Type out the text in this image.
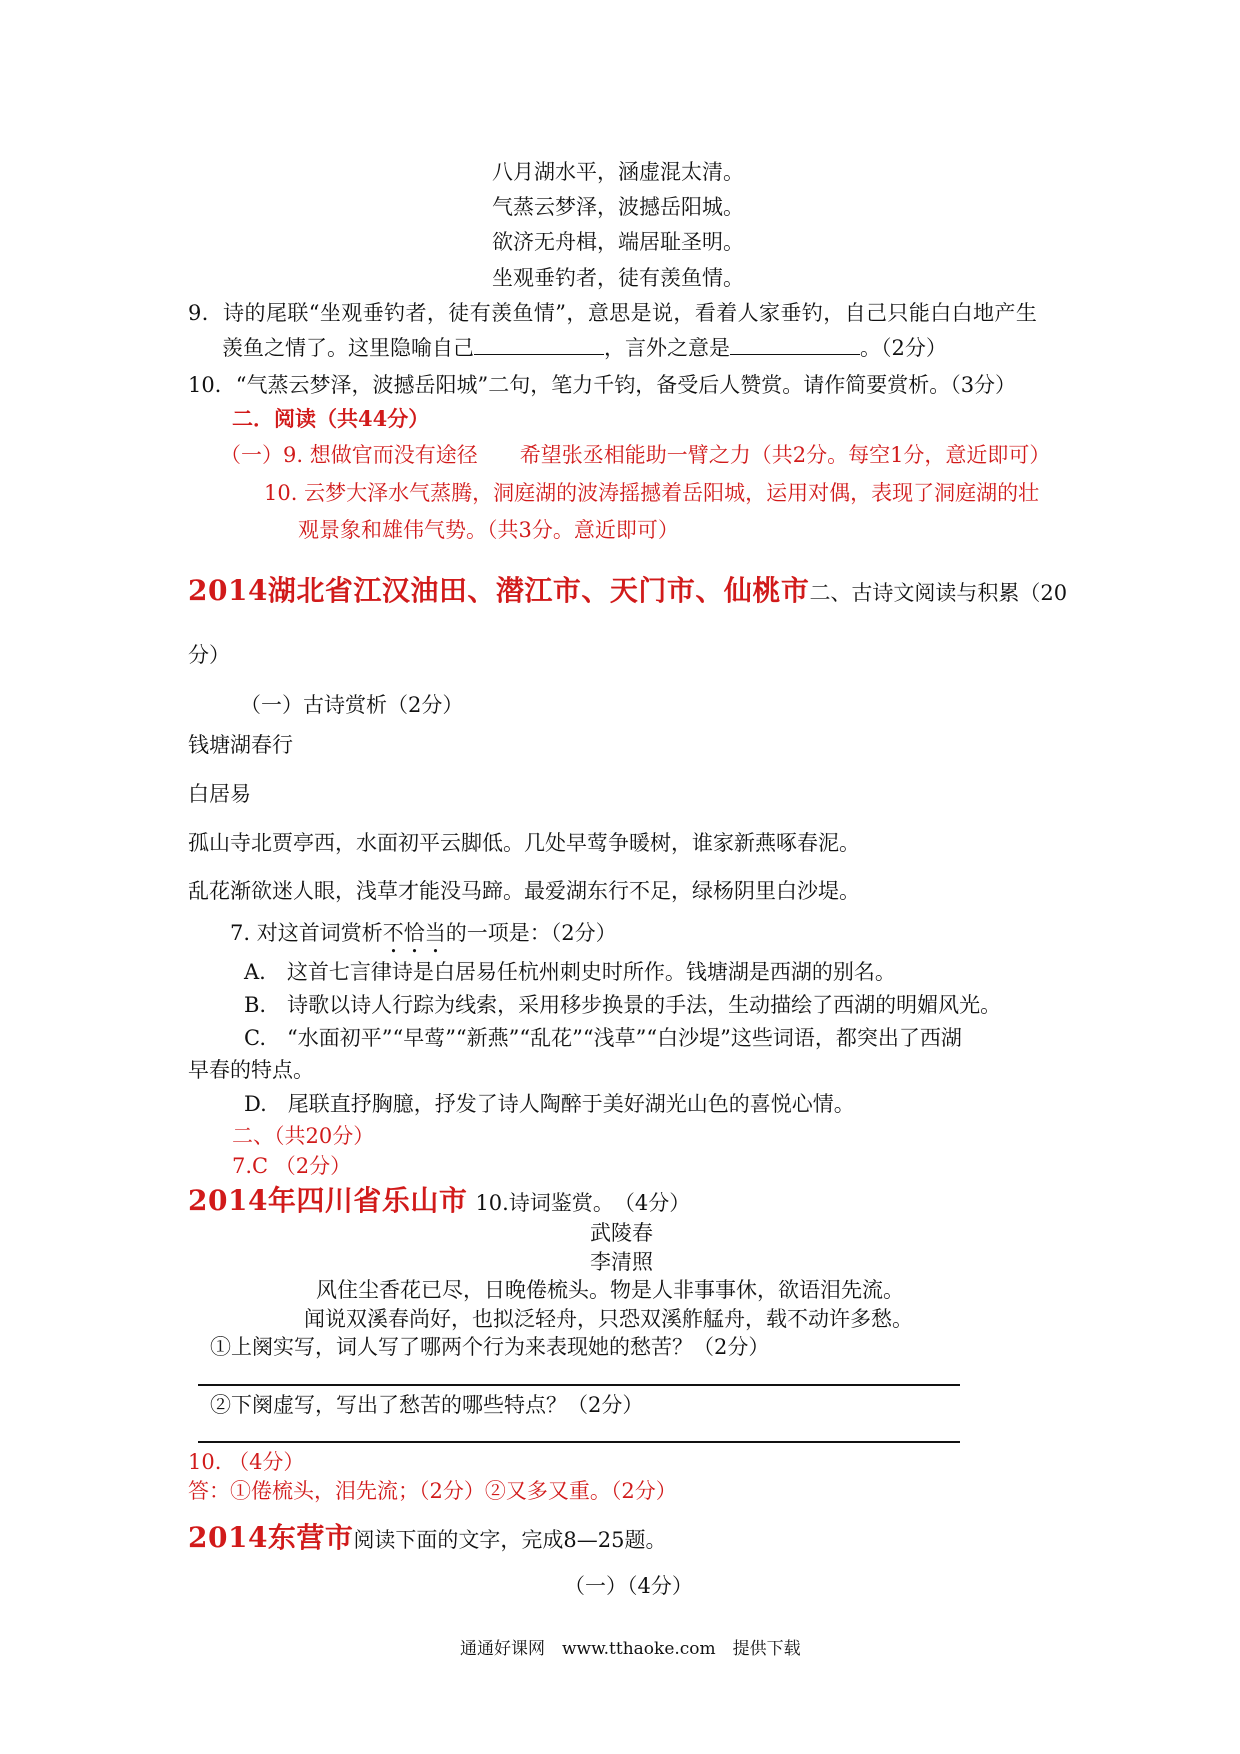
八月湖水平，涵虚混太清。
气蒸云梦泽，波撼岳阳城。
欲济无舟楫，端居耻圣明。
坐观垂钓者，徒有羡鱼情。
9．诗的尾联“坐观垂钓者，徒有羡鱼情”，意思是说，看着人家垂钓，自己只能白白地产生
羡鱼之情了。这里隐喻自己	，言外之意是	。（2分）
10．“气蒸云梦泽，波撼岳阳城”二句，笔力千钧，备受后人赞赏。请作简要赏析。（3分）
二．阅读（共44分）
（一）9. 想做官而没有途径　　希望张丞相能助一臂之力（共2分。每空1分，意近即可）
10. 云梦大泽水气蒸腾，洞庭湖的波涛摇撼着岳阳城，运用对偶，表现了洞庭湖的壮
观景象和雄伟气势。（共3分。意近即可）
2014湖北省江汉油田、潜江市、天门市、仙桃市二、古诗文阅读与积累（20
分）
（一）古诗赏析（2分）
钱塘湖春行
白居易
孤山寺北贾亭西，水面初平云脚低。几处早莺争暖树，谁家新燕啄春泥。
乱花渐欲迷人眼，浅草才能没马蹄。最爱湖东行不足，绿杨阴里白沙堤。
7. 对这首词赏析不恰当的一项是：（2分）
A.　这首七言律诗是白居易任杭州刺史时所作。钱塘湖是西湖的别名。
B.　诗歌以诗人行踪为线索，采用移步换景的手法，生动描绘了西湖的明媚风光。
C.　“水面初平”“早莺”“新燕”“乱花”“浅草”“白沙堤”这些词语，都突出了西湖
早春的特点。
D.　尾联直抒胸臆，抒发了诗人陶醉于美好湖光山色的喜悦心情。
二、（共20分）
7.C （2分）
2014年四川省乐山市 10.诗词鉴赏。　（4分）
武陵春
李清照
风住尘香花已尽，日晚倦梳头。物是人非事事休，欲语泪先流。
闻说双溪春尚好，也拟泛轻舟，只恐双溪舴艋舟，载不动许多愁。
①上阕实写，词人写了哪两个行为来表现她的愁苦？（2分）
②下阕虚写，写出了愁苦的哪些特点？（2分）
10. （4分）
答：①倦梳头，泪先流；（2分）②又多又重。（2分）
2014东营市阅读下面的文字，完成8—25题。
（一）（4分）
通通好课网　www.tthaoke.com　提供下载
